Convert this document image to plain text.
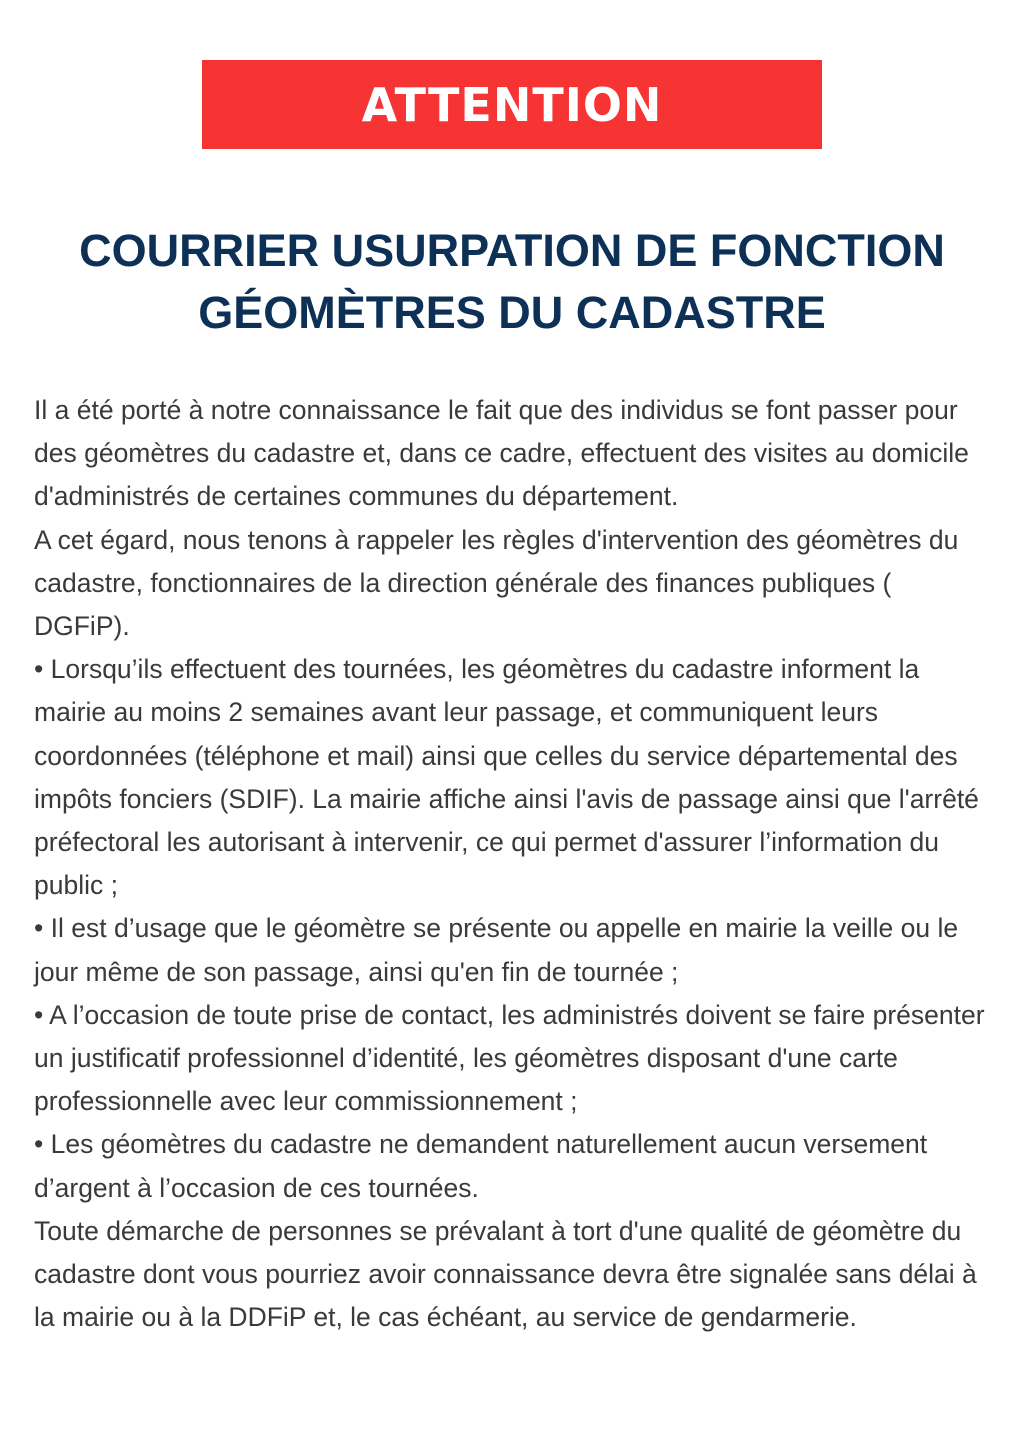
ATTENTION
COURRIER USURPATION DE FONCTION
GÉOMÈTRES DU CADASTRE

Il a été porté à notre connaissance le fait que des individus se font passer pour des géomètres du cadastre et, dans ce cadre, effectuent des visites au domicile d'administrés de certaines communes du département.

A cet égard, nous tenons à rappeler les règles d'intervention des géomètres du cadastre, fonctionnaires de la direction générale des finances publiques ( DGFiP).

• Lorsqu’ils effectuent des tournées, les géomètres du cadastre informent la mairie au moins 2 semaines avant leur passage, et communiquent leurs coordonnées (téléphone et mail) ainsi que celles du service départemental des impôts fonciers (SDIF). La mairie affiche ainsi l'avis de passage ainsi que l'arrêté préfectoral les autorisant à intervenir, ce qui permet d'assurer l’information du public ;

• Il est d’usage que le géomètre se présente ou appelle en mairie la veille ou le jour même de son passage, ainsi qu'en fin de tournée ;

• A l’occasion de toute prise de contact, les administrés doivent se faire présenter un justificatif professionnel d’identité, les géomètres disposant d'une carte professionnelle avec leur commissionnement ;

• Les géomètres du cadastre ne demandent naturellement aucun versement d’argent à l’occasion de ces tournées.

Toute démarche de personnes se prévalant à tort d'une qualité de géomètre du cadastre dont vous pourriez avoir connaissance devra être signalée sans délai à la mairie ou à la DDFiP et, le cas échéant, au service de gendarmerie.
